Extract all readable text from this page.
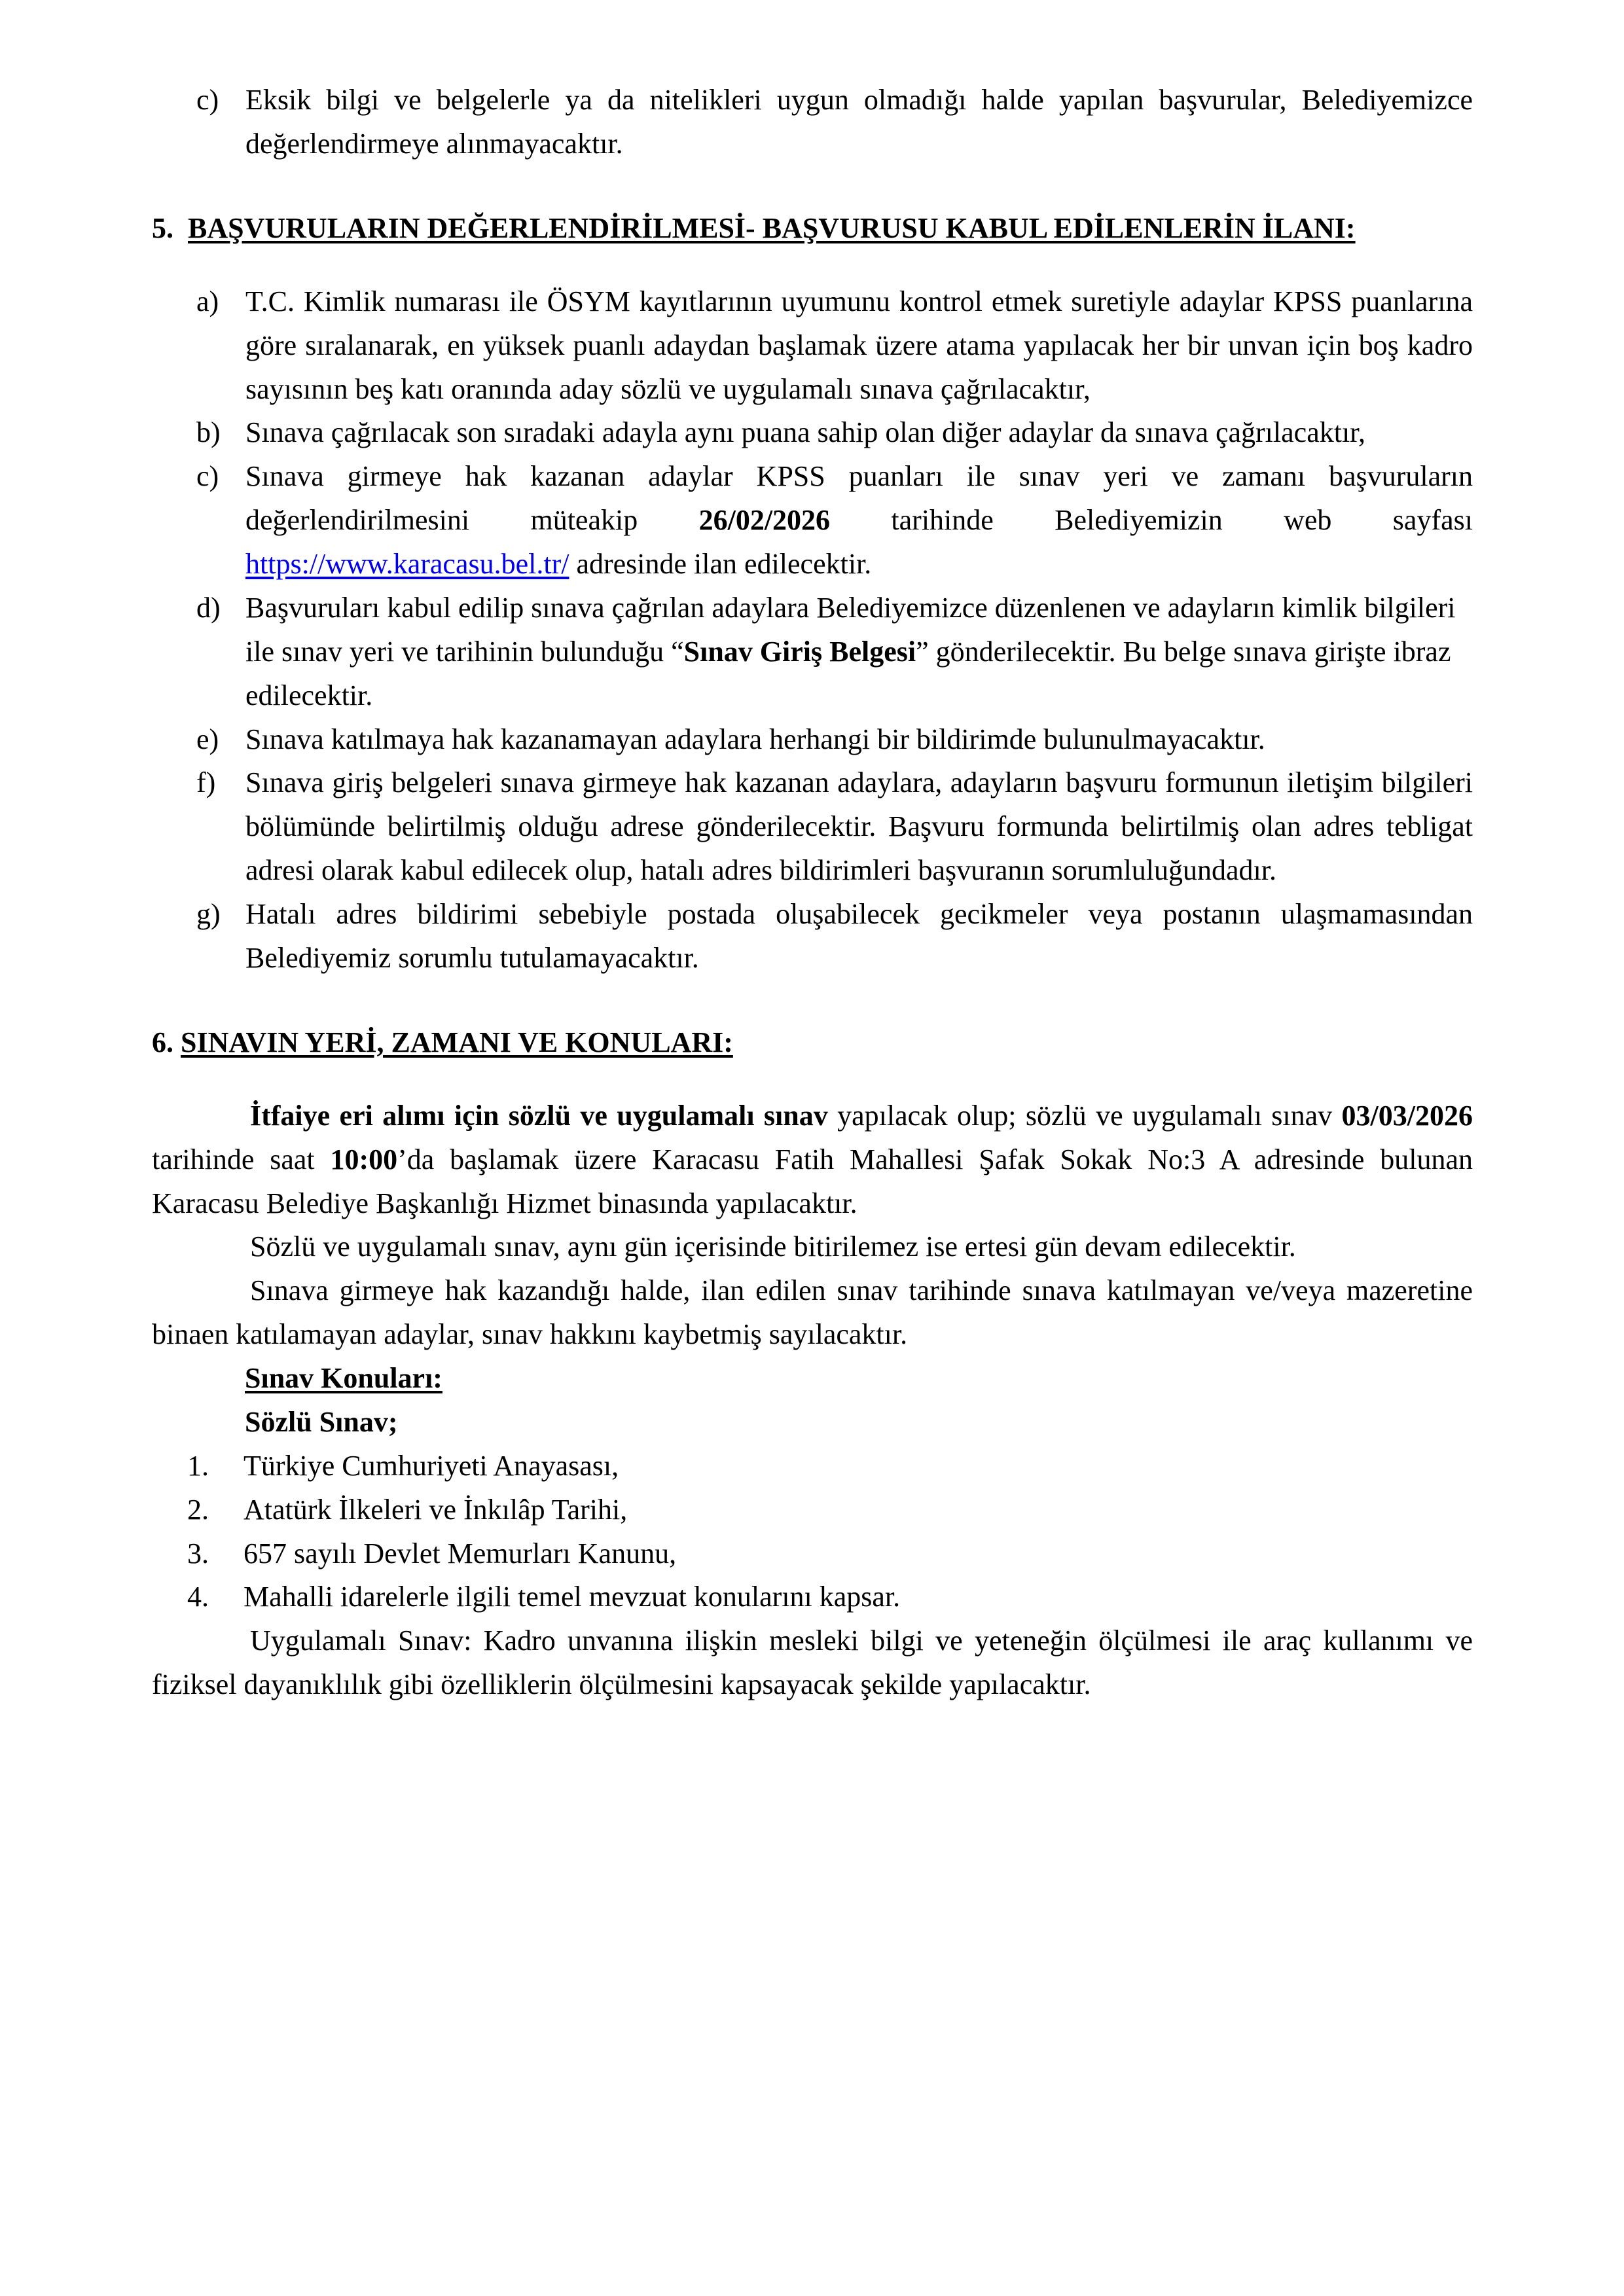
c) Eksik bilgi ve belgelerle ya da nitelikleri uygun olmadığı halde yapılan başvurular, Belediyemizce değerlendirmeye alınmayacaktır.

5. BAŞVURULARIN DEĞERLENDİRİLMESİ- BAŞVURUSU KABUL EDİLENLERİN İLANI:

a) T.C. Kimlik numarası ile ÖSYM kayıtlarının uyumunu kontrol etmek suretiyle adaylar KPSS puanlarına göre sıralanarak, en yüksek puanlı adaydan başlamak üzere atama yapılacak her bir unvan için boş kadro sayısının beş katı oranında aday sözlü ve uygulamalı sınava çağrılacaktır,
b) Sınava çağrılacak son sıradaki adayla aynı puana sahip olan diğer adaylar da sınava çağrılacaktır,
c) Sınava girmeye hak kazanan adaylar KPSS puanları ile sınav yeri ve zamanı başvuruların değerlendirilmesini müteakip 26/02/2026 tarihinde Belediyemizin web sayfası https://www.karacasu.bel.tr/ adresinde ilan edilecektir.
d) Başvuruları kabul edilip sınava çağrılan adaylara Belediyemizce düzenlenen ve adayların kimlik bilgileri ile sınav yeri ve tarihinin bulunduğu “Sınav Giriş Belgesi” gönderilecektir. Bu belge sınava girişte ibraz edilecektir.
e) Sınava katılmaya hak kazanamayan adaylara herhangi bir bildirimde bulunulmayacaktır.
f)	Sınava giriş belgeleri sınava girmeye hak kazanan adaylara, adayların başvuru formunun iletişim bilgileri bölümünde belirtilmiş olduğu adrese gönderilecektir. Başvuru formunda belirtilmiş olan adres tebligat adresi olarak kabul edilecek olup, hatalı adres bildirimleri başvuranın sorumluluğundadır.
g) Hatalı adres bildirimi sebebiyle postada oluşabilecek gecikmeler veya postanın ulaşmamasından Belediyemiz sorumlu tutulamayacaktır.

6. SINAVIN YERİ, ZAMANI VE KONULARI:

İtfaiye eri alımı için sözlü ve uygulamalı sınav yapılacak olup; sözlü ve uygulamalı sınav 03/03/2026 tarihinde saat 10:00’da başlamak üzere Karacasu Fatih Mahallesi Şafak Sokak No:3 A adresinde bulunan Karacasu Belediye Başkanlığı Hizmet binasında yapılacaktır.

Sözlü ve uygulamalı sınav, aynı gün içerisinde bitirilemez ise ertesi gün devam edilecektir.

Sınava girmeye hak kazandığı halde, ilan edilen sınav tarihinde sınava katılmayan ve/veya mazeretine binaen katılamayan adaylar, sınav hakkını kaybetmiş sayılacaktır.

Sınav Konuları:

Sözlü Sınav;

1.	Türkiye Cumhuriyeti Anayasası,
2.	Atatürk İlkeleri ve İnkılâp Tarihi,
3.	657 sayılı Devlet Memurları Kanunu,
4.	Mahalli idarelerle ilgili temel mevzuat konularını kapsar.

Uygulamalı Sınav: Kadro unvanına ilişkin mesleki bilgi ve yeteneğin ölçülmesi ile araç kullanımı ve fiziksel dayanıklılık gibi özelliklerin ölçülmesini kapsayacak şekilde yapılacaktır.
